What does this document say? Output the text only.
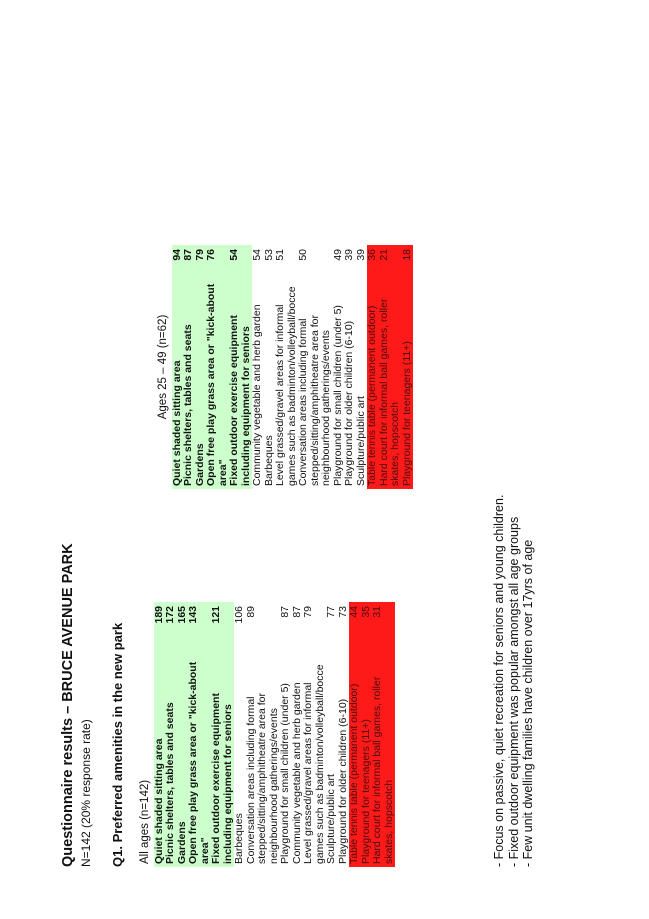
Questionnaire results – BRUCE AVENUE PARK N=142 (20% response rate) Q1. Preferred amenities in the new park All ages (n=142)	
Quiet shaded sitting area	189
Picnic shelters, tables and seats	172
Gardens	165
Open free play grass area or "kick-about area"	143
Fixed outdoor exercise equipment including equipment for seniors	121
Barbeques	106
Conversation areas including formal stepped/sitting/amphitheatre area for neighbourhood gatherings/events	89
Playground for small children (under 5)	87
Community vegetable and herb garden	87
Level grassed/gravel areas for informal games such as badminton/volleyball/bocce	79
Sculpture/public art	77
Playground for older children (6-10)	73
Table tennis table (permanent outdoor)	44
Playground for teenagers (11+)	35
Hard court for informal ball games, roller skates, hopscotch	31
Ages 25 – 49 (n=62)	
Quiet shaded sitting area	94
Picnic shelters, tables and seats	87
Gardens	79
Open free play grass area or "kick-about area"	76
Fixed outdoor exercise equipment including equipment for seniors	54
Community vegetable and herb garden	54
Barbeques	53
Level grassed/gravel areas for informal games such as badminton/volleyball/bocce	51
Conversation areas including formal stepped/sitting/amphitheatre area for neighbourhood gatherings/events	50
Playground for small children (under 5)	49
Playground for older children (6-10)	39
Sculpture/public art	39
Table tennis table (permanent outdoor)	36
Hard court for informal ball games, roller skates, hopscotch	21
Playground for teenagers (11+)	18
- Focus on passive, quiet recreation for seniors and young children. - Fixed outdoor equipment was popular amongst all age groups - Few unit dwelling families have children over 17yrs of age
